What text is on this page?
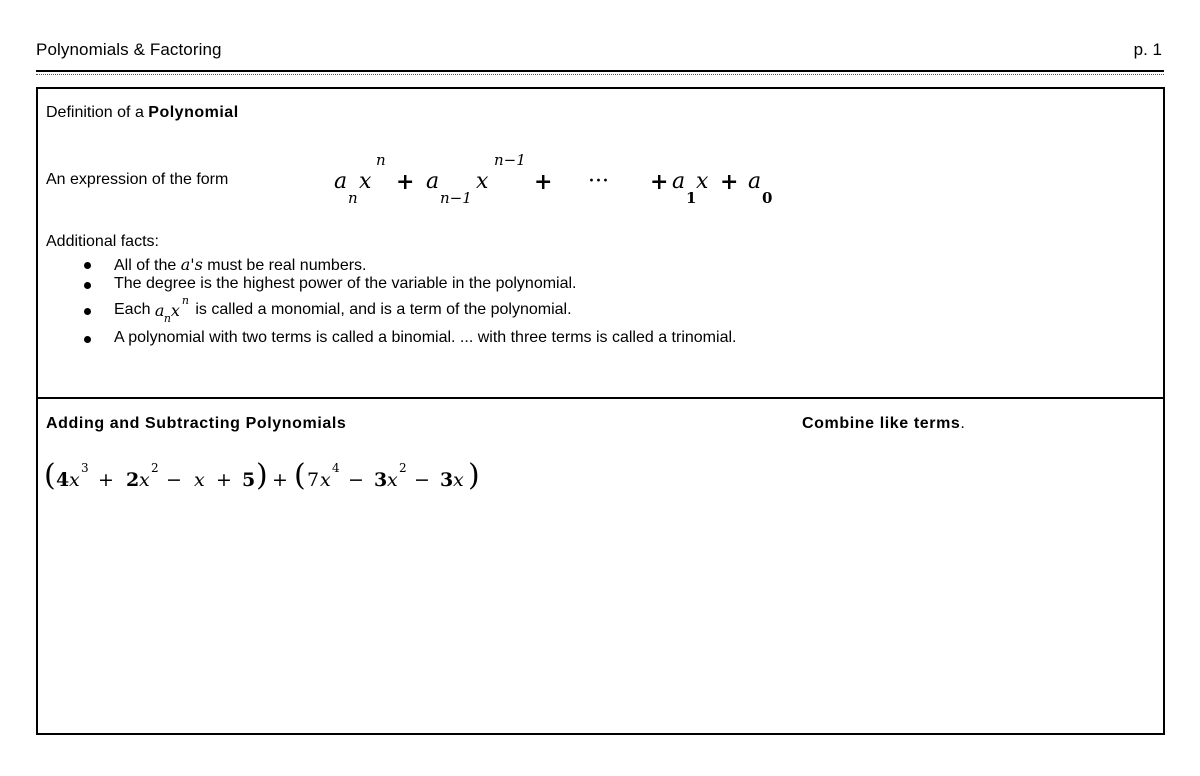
Polynomials & Factoring	p. 1
Definition of a Polynomial
An expression of the form	a
n
x
n
+ a
n−1
x
n−1
+ ··· + a
1
x + a
0
Additional facts:
All of the a's must be real numbers.
The degree is the highest power of the variable in the polynomial.
Each a n x
n
is called a monomial, and is a term of the polynomial.
A polynomial with two terms is called a binomial. ... with three terms is called a trinomial.
Adding and Subtracting Polynomials	Combine like terms.
( 4 x
3
+ 2 x
2
− x + 5 ) + ( 7 x
4
− 3 x
2
− 3 x )
